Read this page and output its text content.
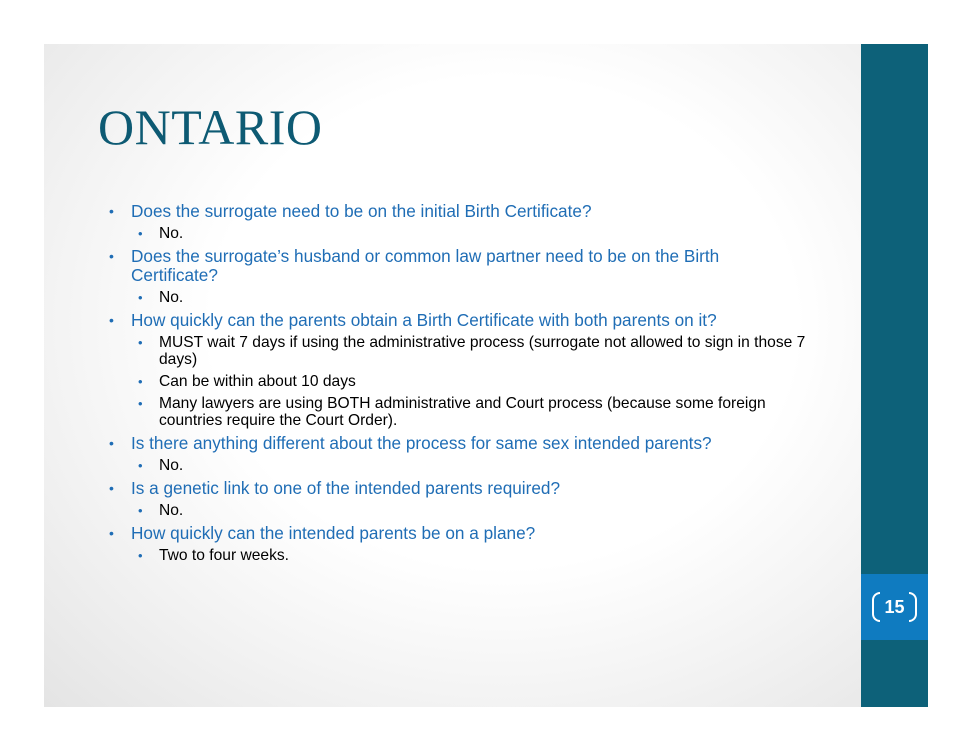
ONTARIO
• Does the surrogate need to be on the initial Birth Certificate?
• No.
• Does the surrogate’s husband or common law partner need to be on the Birth Certificate?
• No.
• How quickly can the parents obtain a Birth Certificate with both parents on it?
• MUST wait 7 days if using the administrative process (surrogate not allowed to sign in those 7 days)
• Can be within about 10 days
• Many lawyers are using BOTH administrative and Court process (because some foreign countries require the Court Order).
• Is there anything different about the process for same sex intended parents?
• No.
• Is a genetic link to one of the intended parents required?
• No.
• How quickly can the intended parents be on a plane?
• Two to four weeks.
15
